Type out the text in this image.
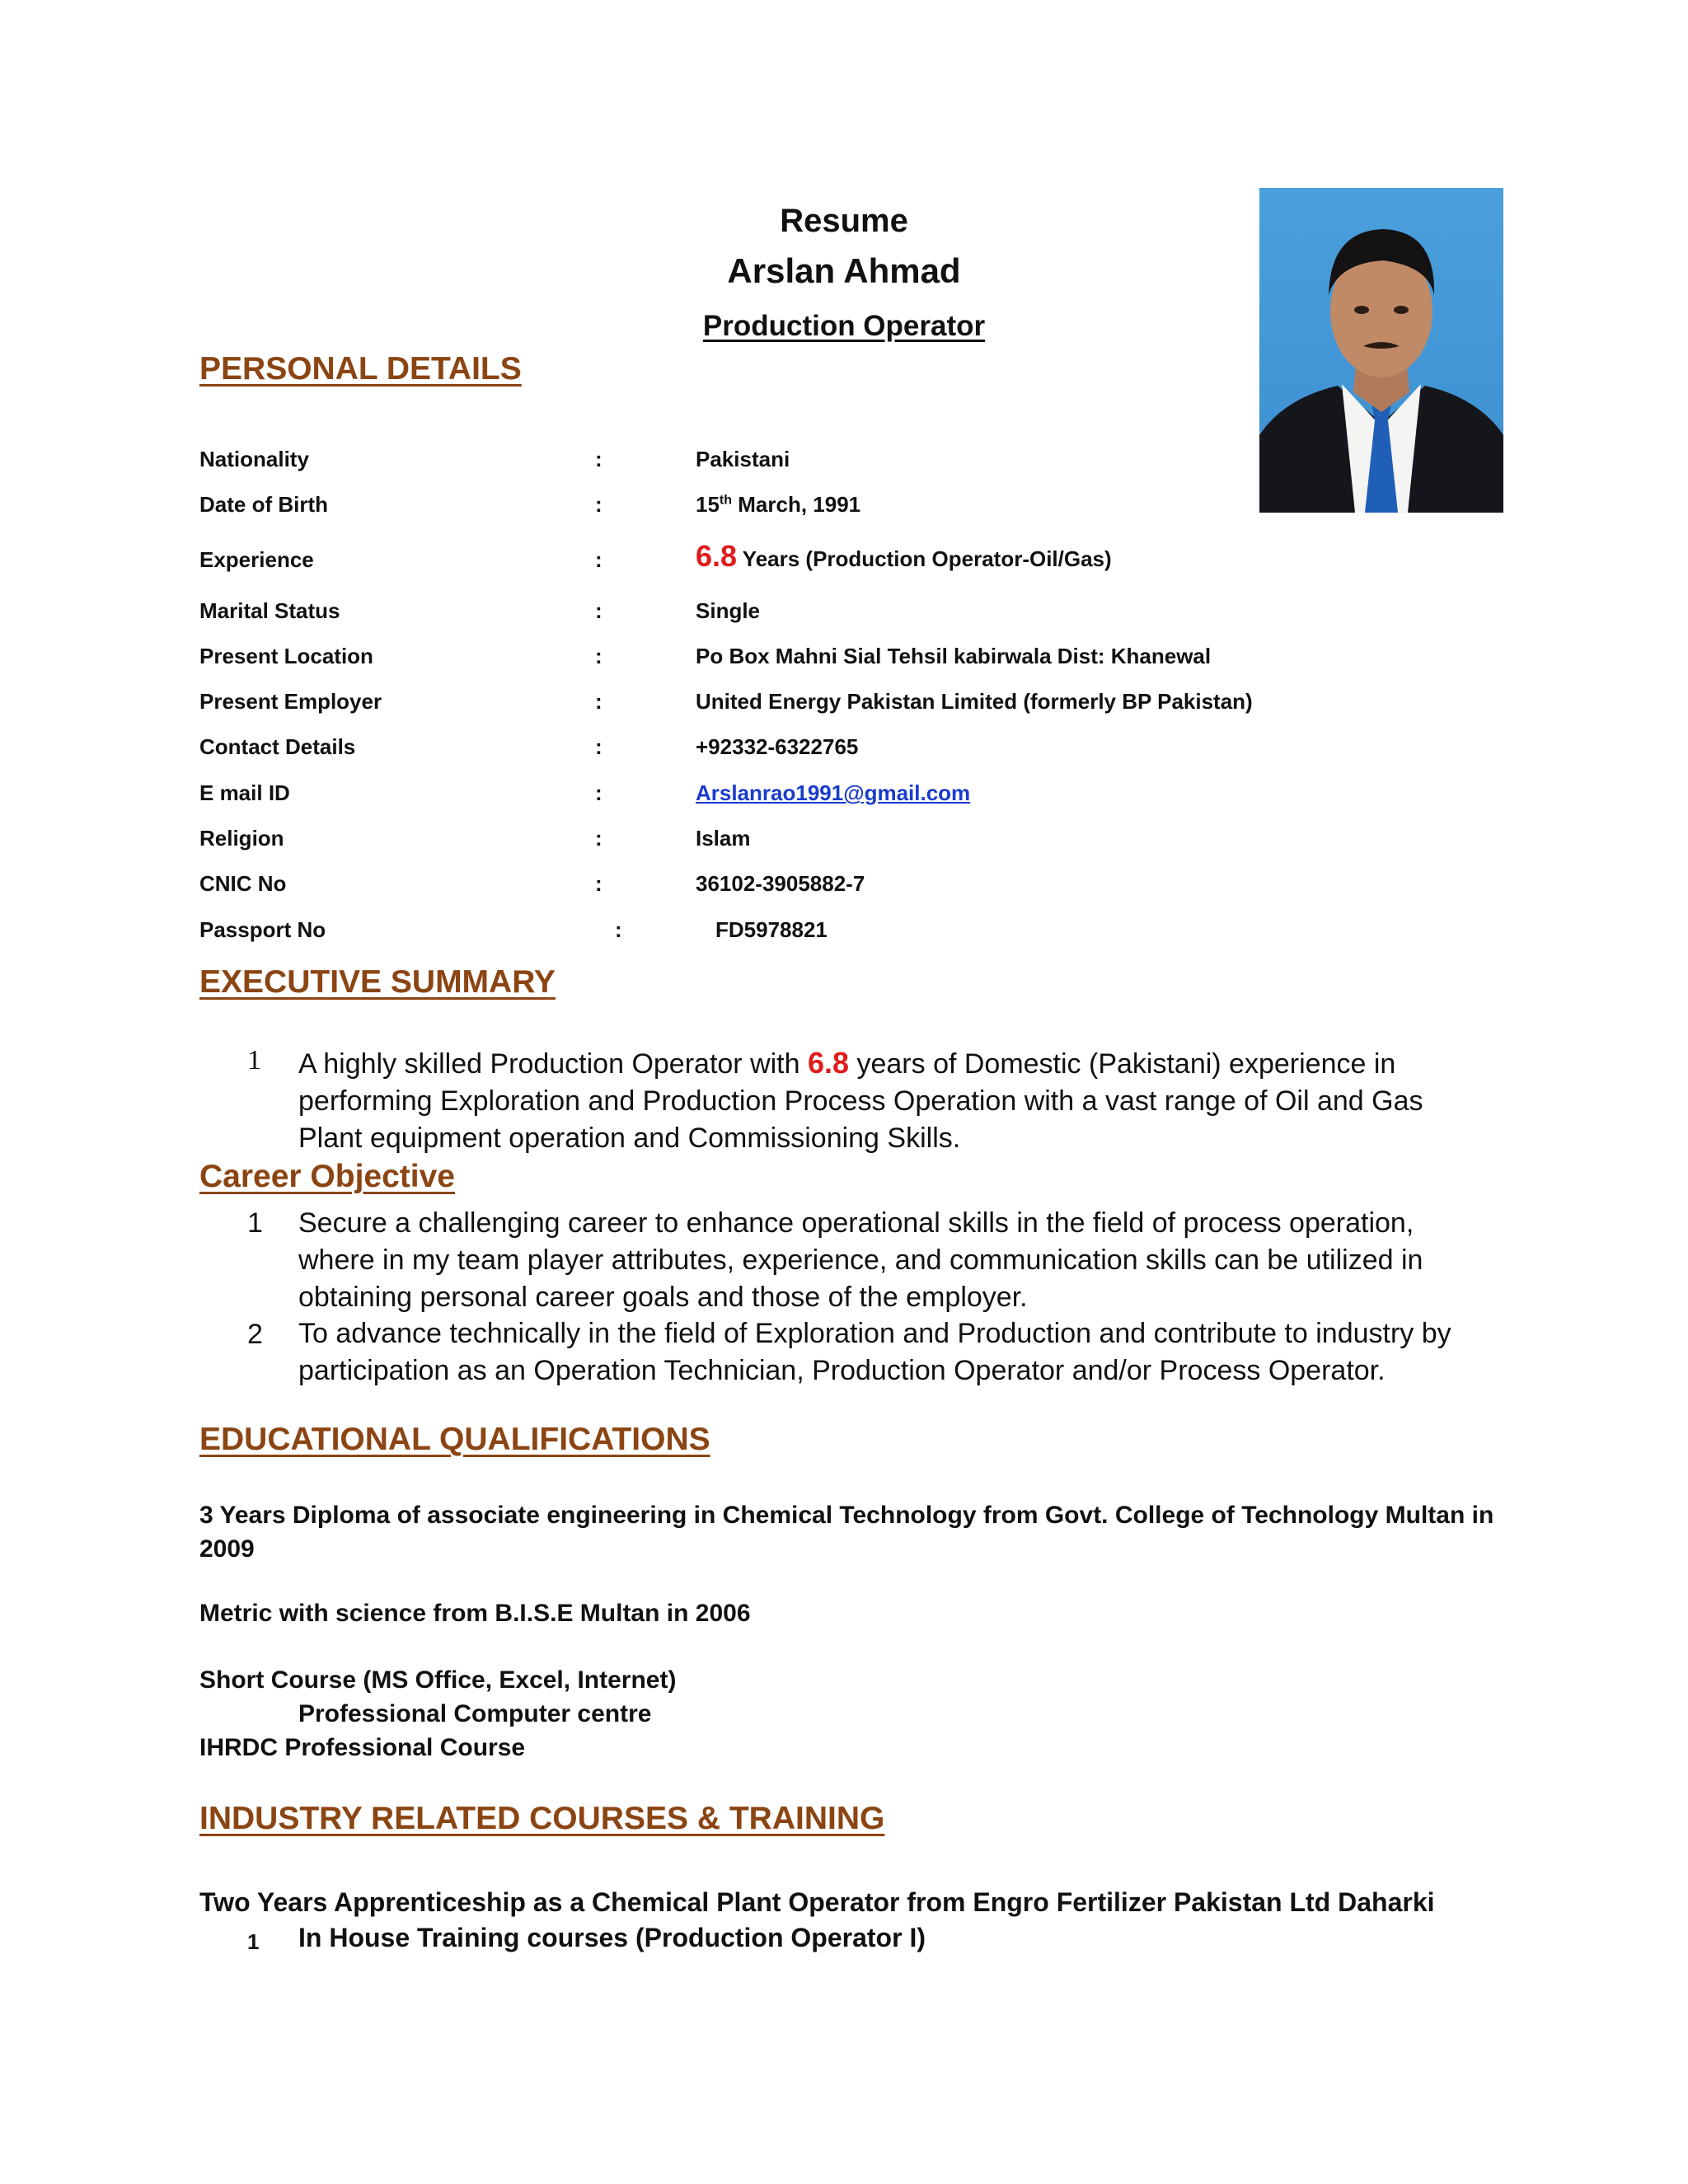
Resume
Arslan Ahmad
Production Operator
PERSONAL DETAILS
Nationality	:	Pakistani
Date of Birth	:	15th March, 1991
Experience	:	6.8 Years (Production Operator-Oil/Gas)
Marital Status	:	Single
Present Location	:	Po Box Mahni Sial Tehsil kabirwala Dist: Khanewal
Present Employer	:	United Energy Pakistan Limited (formerly BP Pakistan)
Contact Details	:	+92332-6322765
E mail ID	:	Arslanrao1991@gmail.com
Religion	:	Islam
CNIC No	:	36102-3905882-7
Passport No	:	FD5978821
EXECUTIVE SUMMARY
1 A highly skilled Production Operator with 6.8 years of Domestic (Pakistani) experience in performing Exploration and Production Process Operation with a vast range of Oil and Gas Plant equipment operation and Commissioning Skills.
Career Objective
1 Secure a challenging career to enhance operational skills in the field of process operation, where in my team player attributes, experience, and communication skills can be utilized in obtaining personal career goals and those of the employer.
2 To advance technically in the field of Exploration and Production and contribute to industry by participation as an Operation Technician, Production Operator and/or Process Operator.
EDUCATIONAL QUALIFICATIONS
3 Years Diploma of associate engineering in Chemical Technology from Govt. College of Technology Multan in 2009
Metric with science from B.I.S.E Multan in 2006
Short Course (MS Office, Excel, Internet)
Professional Computer centre
IHRDC Professional Course
INDUSTRY RELATED COURSES & TRAINING
Two Years Apprenticeship as a Chemical Plant Operator from Engro Fertilizer Pakistan Ltd Daharki
1 In House Training courses (Production Operator I)
